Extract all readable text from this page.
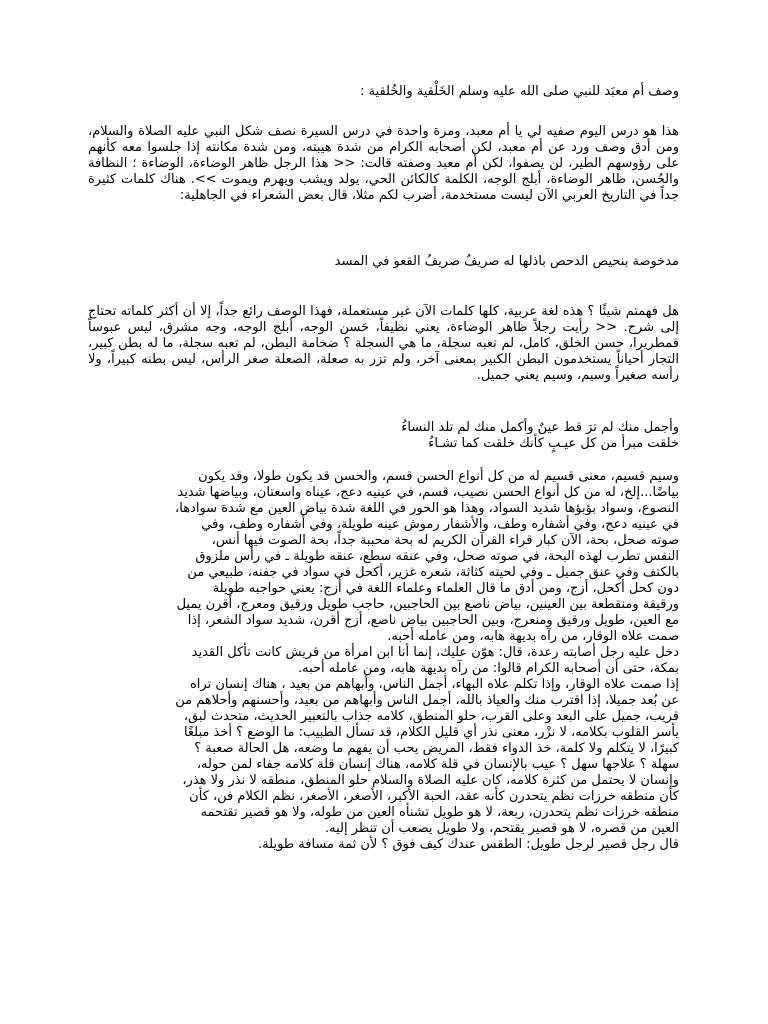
وصف أم معبَد للنبي صلى الله عليه وسلم الخَلْقية والخُلقية :

هذا هو درس اليوم صفيه لي يا أم معبد، ومرة واحدة في درس السيرة نصف شكل النبي عليه الصلاة والسلام، ومن أدق وصف ورد عن أم معبد، لكن أصحابه الكرام من شدة هيبته، ومن شدة مكانته إذا جلسوا معه كأنهم على رؤوسهم الطير، لن يصفوا، لكن أم معبد وصفته قالت: << هذا الرجل ظاهر الوضاءة، الوضاءة ؛ النظافة والحُسن، ظاهر الوضاءة، أبلج الوجه، الكلمة كالكائن الحي، يولد ويشب ويهرم ويموت >>. هناك كلمات كثيرة جداً في التاريخ العربي الآن ليست مستخدمة، أضرب لكم مثلا، قال بعض الشعراء في الجاهلية:

مدخوصة بنحيص الدحص باذلها له صريفٌ صريفُ القعو في المسد

هل فهمتم شيئًا ؟ هذه لغة عربية، كلها كلمات الآن غير مستعملة، فهذا الوصف رائع جداً، إلا أن أكثر كلماته تحتاج إلى شرح. << رأيت رجلاً ظاهر الوضاءة، يعني نظيفاً، حَسن الوجه، أبلج الوجه، وجه مشرق، ليس عبوساً قمطريرا، حسن الخلق، كامل، لم تعبه سجلة، ما هي السجلة ؟ ضخامة البطن، لم تعبه سجلة، ما له بطن كبير، التجار أحياناً يستخدمون البطن الكبير بمعنى آخر، ولم تزر به صعلة، الصعلة صغر الرأس، ليس بطنه كبيراً، ولا رأسه صغيراً وسيم، وسيم يعني جميل.

وأجمل منك لم ترَ قط عينٌ وأكمل منك لم تلد النساءُ
خلقت مبرأ من كل عيـبٍ كأنك خلقت كما تشـاءُ
وسيم قسيم، معنى قسيم له من كل أنواع الحسن قسم، والحسن قد يكون طولا، وقد يكون
بياضًا...إلخ، له من كل أنواع الحسن نصيب، قسم، في عينيه دعج، عيناه واسعتان، وبياضها شديد
النصوع، وسواد بؤبؤها شديد السواد، وهذا هو الحور في اللغة شدة بياض العين مع شدة سوادها،
في عينيه دعج، وفي أشفاره وطف، والأشفار رموش عينه طويلة، وفي أشفاره وطف، وفي
صوته صحل، بحة، الآن كبار قراء القرآن الكريم له بحة محببة جداً، بحة الصوت فيها أنس،
النفس تطرب لهذه البحة، في صوته صحل، وفي عنقه سطع، عنقه طويلة ـ في رأس ملزوق
بالكتف وفي عنق جميل ـ وفي لحيته كثاثة، شعره غزير، أكحل في سواد في جفنه، طبيعي من
دون كحل أكحل، أزج، ومن أدق ما قال العلماء وعلماء اللغة في أزج: يعني حواجبه طويلة
ورقيقة ومنقطعة بين العينين، بياض ناصع بين الحاجبين، حاجب طويل ورقيق ومعرج، أقرن يميل
مع العين، طويل ورقيق ومنعرج، وبين الحاجبين بياض ناصع، أزج أقرن، شديد سواد الشعر، إذا
صمت علاه الوقار، من رآه بديهة هابه، ومن عامله أحبه.
دخل عليه رجل أصابته رعدة، قال: هوّن عليك، إنما أنا ابن امرأة من قريش كانت تأكل القديد
بمكة، حتى أن أصحابه الكرام قالوا: من رآه بديهة هابه، ومن عامله أحبه.
إذا صمت علاه الوقار، وإذا تكلم علاه البهاء، أجمل الناس، وأبهاهم من بعيد ، هناك إنسان تراه
عن بُعد جميلا، إذا اقترب منك والعياذ بالله، أجمل الناس وأبهاهم من بعيد، وأحسنهم وأحلاهم من
قريب، جميل على البعد وعلى القرب، حلو المنطق، كلامه جذاب بالتعبير الحديث، متحدث لبق،
يأسر القلوب بكلامه، لا نزْر، معنى نذر أي قليل الكلام، قد تسأل الطبيب: ما الوضع ؟ أخذ مبلغًا
كبيرًا، لا يتكلم ولا كلمة، خذ الدواء فقط، المريض يحب أن يفهم ما وضعه، هل الحالة صعبة ؟
سهلة ؟ علاجها سهل ؟ عيب بالإنسان في قلة كلامه، هناك إنسان قلة كلامه جفاء لمن حوله،
وإنسان لا يحتمل من كثرة كلامه، كان عليه الصلاة والسلام حلو المنطق، منطقه لا نذر ولا هذر،
كأن منطقه خرزات نظم يتحدرن كأنه عقد، الحبة الأكبر، الأصغر، الأصغر، نظم الكلام فن، كأن
منطقه خرزات نظم يتحدرن، ربعة، لا هو طويل تشنأه العين من طوله، ولا هو قصير تقتحمه
العين من قصره، لا هو قصير يقتحم، ولا طويل يصعب أن تنظر إليه.
قال رجل قصير لرجل طويل: الطقس عندك كيف فوق ؟ لأن ثمة مسافة طويلة.
